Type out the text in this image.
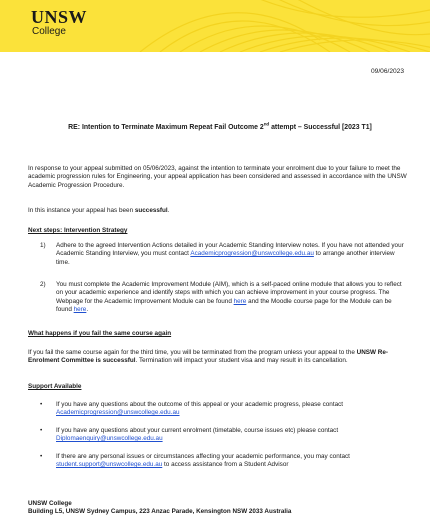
UNSW
College
09/06/2023
RE: Intention to Terminate Maximum Repeat Fail Outcome 2nd attempt – Successful [2023 T1]

In response to your appeal submitted on 05/06/2023, against the intention to terminate your enrolment due to your failure to meet the academic progression rules for Engineering, your appeal application has been considered and assessed in accordance with the UNSW Academic Progression Procedure.

In this instance your appeal has been successful.

Next steps: Intervention Strategy
1) Adhere to the agreed Intervention Actions detailed in your Academic Standing Interview notes. If you have not attended your Academic Standing Interview, you must contact Academicprogression@unswcollege.edu.au to arrange another interview time.
2) You must complete the Academic Improvement Module (AIM), which is a self-paced online module that allows you to reflect on your academic experience and identify steps with which you can achieve improvement in your course progress. The Webpage for the Academic Improvement Module can be found here and the Moodle course page for the Module can be found here.
What happens if you fail the same course again

If you fail the same course again for the third time, you will be terminated from the program unless your appeal to the UNSW Re-Enrolment Committee is successful. Termination will impact your student visa and may result in its cancellation.

Support Available
• If you have any questions about the outcome of this appeal or your academic progress, please contact
Academicprogression@unswcollege.edu.au
• If you have any questions about your current enrolment (timetable, course issues etc) please contact
Diplomaenquiry@unswcollege.edu.au
• If there are any personal issues or circumstances affecting your academic performance, you may contact
student.support@unswcollege.edu.au to access assistance from a Student Advisor
UNSW College
Building L5, UNSW Sydney Campus, 223 Anzac Parade, Kensington NSW 2033 Australia
